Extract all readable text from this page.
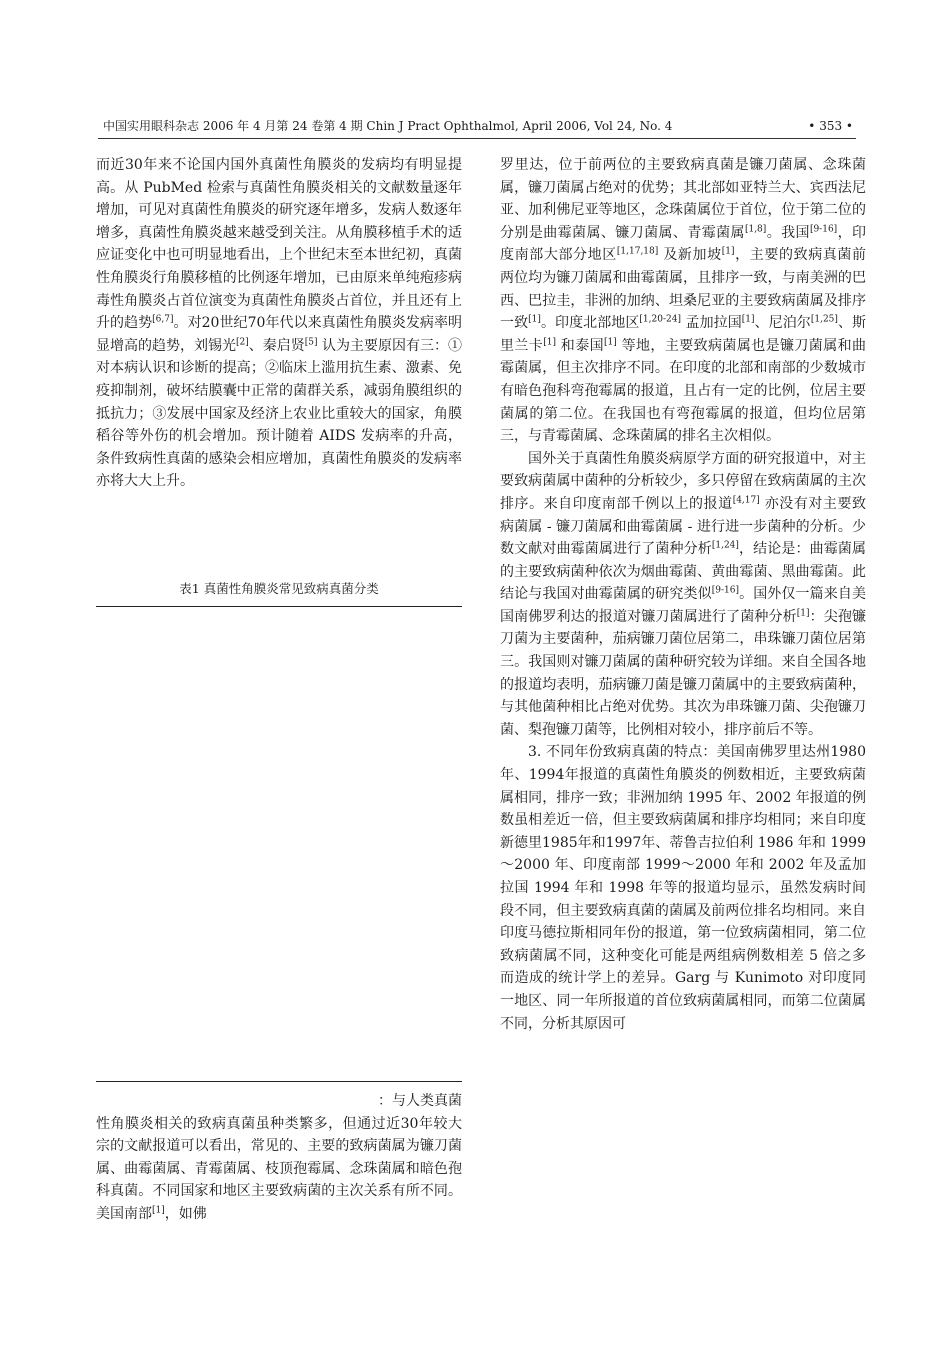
中国实用眼科杂志 2006 年 4 月第 24 卷第 4 期 Chin J Pract Ophthalmol, April 2006, Vol 24, No. 4	• 353 •

而近30年来不论国内国外真菌性角膜炎的发病均有明显提高。从 PubMed 检索与真菌性角膜炎相关的文献数量逐年增加，可见对真菌性角膜炎的研究逐年增多，发病人数逐年增多，真菌性角膜炎越来越受到关注。从角膜移植手术的适应证变化中也可明显地看出，上个世纪末至本世纪初，真菌性角膜炎行角膜移植的比例逐年增加，已由原来单纯疱疹病毒性角膜炎占首位演变为真菌性角膜炎占首位，并且还有上升的趋势[6,7]。对20世纪70年代以来真菌性角膜炎发病率明显增高的趋势，刘锡光[2]、秦启贤[5] 认为主要原因有三：①对本病认识和诊断的提高；②临床上滥用抗生素、激素、免疫抑制剂，破坏结膜囊中正常的菌群关系，减弱角膜组织的抵抗力；③发展中国家及经济上农业比重较大的国家，角膜稻谷等外伤的机会增加。预计随着 AIDS 发病率的升高，条件致病性真菌的感染会相应增加，真菌性角膜炎的发病率亦将大大上升。

表1 真菌性角膜炎常见致病真菌分类

：与人类真菌

性角膜炎相关的致病真菌虽种类繁多，但通过近30年较大宗的文献报道可以看出，常见的、主要的致病菌属为镰刀菌属、曲霉菌属、青霉菌属、枝顶孢霉属、念珠菌属和暗色孢科真菌。不同国家和地区主要致病菌的主次关系有所不同。美国南部[1]，如佛

罗里达，位于前两位的主要致病真菌是镰刀菌属、念珠菌属，镰刀菌属占绝对的优势；其北部如亚特兰大、宾西法尼亚、加利佛尼亚等地区，念珠菌属位于首位，位于第二位的分别是曲霉菌属、镰刀菌属、青霉菌属[1,8]。我国[9-16]，印度南部大部分地区[1,17,18] 及新加坡[1]，主要的致病真菌前两位均为镰刀菌属和曲霉菌属，且排序一致，与南美洲的巴西、巴拉圭，非洲的加纳、坦桑尼亚的主要致病菌属及排序一致[1]。印度北部地区[1,20-24] 孟加拉国[1]、尼泊尔[1,25]、斯里兰卡[1] 和泰国[1] 等地，主要致病菌属也是镰刀菌属和曲霉菌属，但主次排序不同。在印度的北部和南部的少数城市有暗色孢科弯孢霉属的报道，且占有一定的比例，位居主要菌属的第二位。在我国也有弯孢霉属的报道，但均位居第三，与青霉菌属、念珠菌属的排名主次相似。

国外关于真菌性角膜炎病原学方面的研究报道中，对主要致病菌属中菌种的分析较少，多只停留在致病菌属的主次排序。来自印度南部千例以上的报道[4,17] 亦没有对主要致病菌属 - 镰刀菌属和曲霉菌属 - 进行进一步菌种的分析。少数文献对曲霉菌属进行了菌种分析[1,24]，结论是：曲霉菌属的主要致病菌种依次为烟曲霉菌、黄曲霉菌、黑曲霉菌。此结论与我国对曲霉菌属的研究类似[9-16]。国外仅一篇来自美国南佛罗利达的报道对镰刀菌属进行了菌种分析[1]：尖孢镰刀菌为主要菌种，茄病镰刀菌位居第二，串珠镰刀菌位居第三。我国则对镰刀菌属的菌种研究较为详细。来自全国各地的报道均表明，茄病镰刀菌是镰刀菌属中的主要致病菌种，与其他菌种相比占绝对优势。其次为串珠镰刀菌、尖孢镰刀菌、梨孢镰刀菌等，比例相对较小，排序前后不等。

3. 不同年份致病真菌的特点：美国南佛罗里达州1980年、1994年报道的真菌性角膜炎的例数相近，主要致病菌属相同，排序一致；非洲加纳 1995 年、2002 年报道的例数虽相差近一倍，但主要致病菌属和排序均相同；来自印度新德里1985年和1997年、蒂鲁吉拉伯利 1986 年和 1999～2000 年、印度南部 1999～2000 年和 2002 年及孟加拉国 1994 年和 1998 年等的报道均显示，虽然发病时间段不同，但主要致病真菌的菌属及前两位排名均相同。来自印度马德拉斯相同年份的报道，第一位致病菌相同，第二位致病菌属不同，这种变化可能是两组病例数相差 5 倍之多而造成的统计学上的差异。Garg 与 Kunimoto 对印度同一地区、同一年所报道的首位致病菌属相同，而第二位菌属不同，分析其原因可
